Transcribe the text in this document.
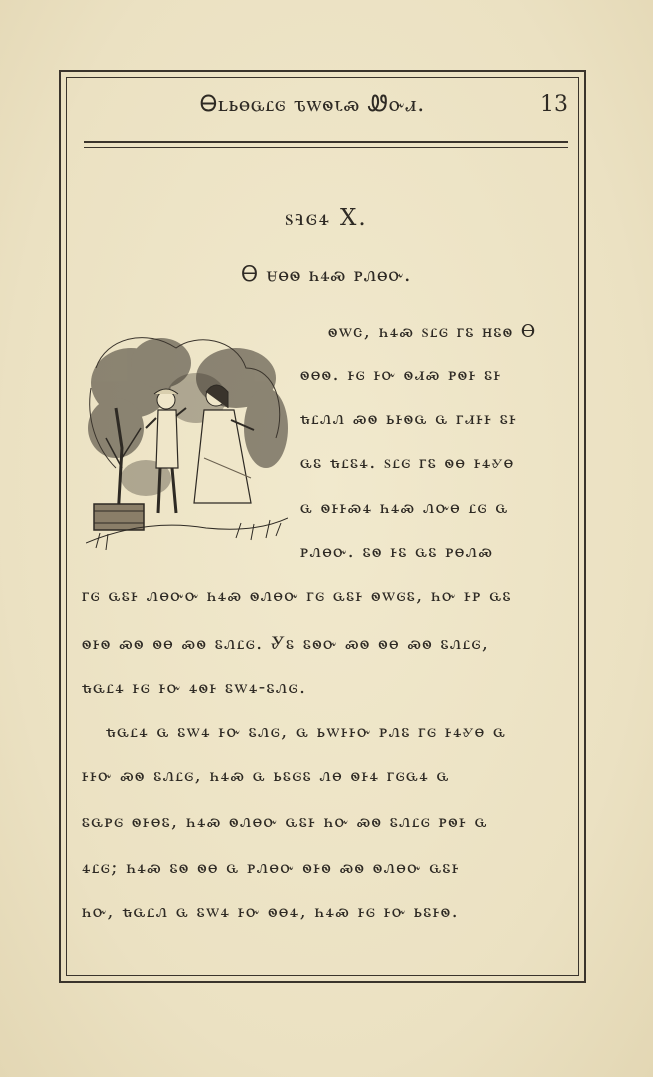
Ꮎꮮꮟꮎꮹꮭꮆ ꮦꮃꮻꮣꮝ Ꮺꮕꮧ.	13
ꮪꮈꮆꮞ X.
Ꮎ ꮜꮎꮻ ꮒꮞꮝ ꮲꮑꮎꮕ.
ꮻꮃꮳ, ꮒꮞꮝ ꮪꮭꮆ ꮁꮛ ꮋꮛꮻ Ꮎ
ꮻꮎꮻ. ꮀꮆ ꮀꮕ ꮻꮧꮝ ꮲꮻꮀ ꮛꮀ
ꮏꮭꮑꮑ ꮝꮻ ꮟꮀꮻꮹ ꮹ ꮁꮧꮀꮀ ꮛꮀ
ꮹꮛ ꮏꮭꮛꮞ. ꮪꮭꮆ ꮁꮛ ꮻꮎ ꮀꮞꮍꮎ
ꮹ ꮻꮀꮀꮝꮞ ꮒꮞꮝ ꮑꮕꮎ ꮭꮆ ꮹ
ꮲꮑꮎꮕ. ꮛꮻ ꮀꮛ ꮹꮛ ꮲꮎꮑꮝ
ꮁꮆ ꮹꮛꮀ ꮑꮎꮕꮕ ꮒꮞꮝ ꮻꮑꮎꮕ ꮁꮆ ꮹꮛꮀ ꮻꮃꮆꮛ, ꮒꮕ ꮀꮲ ꮹꮛ
ꮻꮀꮻ ꮝꮻ ꮻꮎ ꮝꮻ ꮛꮑꮭꮆ. Ꮍꮛ ꮛꮻꮕ ꮝꮻ ꮻꮎ ꮝꮻ ꮛꮑꮭꮆ,
ꮏꮹꮭꮞ ꮀꮆ ꮀꮕ ꮞꮻꮀ ꮛꮃꮞ-ꮛꮑꮆ.
ꮏꮹꮭꮞ ꮹ ꮛꮃꮞ ꮀꮕ ꮛꮑꮆ, ꮹ ꮟꮃꮀꮀꮕ ꮲꮑꮛ ꮁꮆ ꮀꮞꮍꮎ ꮹ
ꮀꮀꮕ ꮝꮻ ꮛꮑꮭꮆ, ꮒꮞꮝ ꮹ ꮟꮛꮆꮛ ꮑꮎ ꮻꮀꮞ ꮁꮆꮹꮞ ꮹ
ꮛꮹꮲꮆ ꮻꮀꮎꮛ, ꮒꮞꮝ ꮻꮑꮎꮕ ꮹꮛꮀ ꮒꮕ ꮝꮻ ꮛꮑꮭꮆ ꮲꮻꮀ ꮹ
ꮞꮭꮆ; ꮒꮞꮝ ꮛꮻ ꮻꮎ ꮹ ꮲꮑꮎꮕ ꮻꮀꮻ ꮝꮻ ꮻꮑꮎꮕ ꮹꮛꮀ
ꮒꮕ, ꮏꮹꮭꮑ ꮹ ꮛꮃꮞ ꮀꮕ ꮻꮎꮞ, ꮒꮞꮝ ꮀꮆ ꮀꮕ ꮟꮛꮀꮻ.
